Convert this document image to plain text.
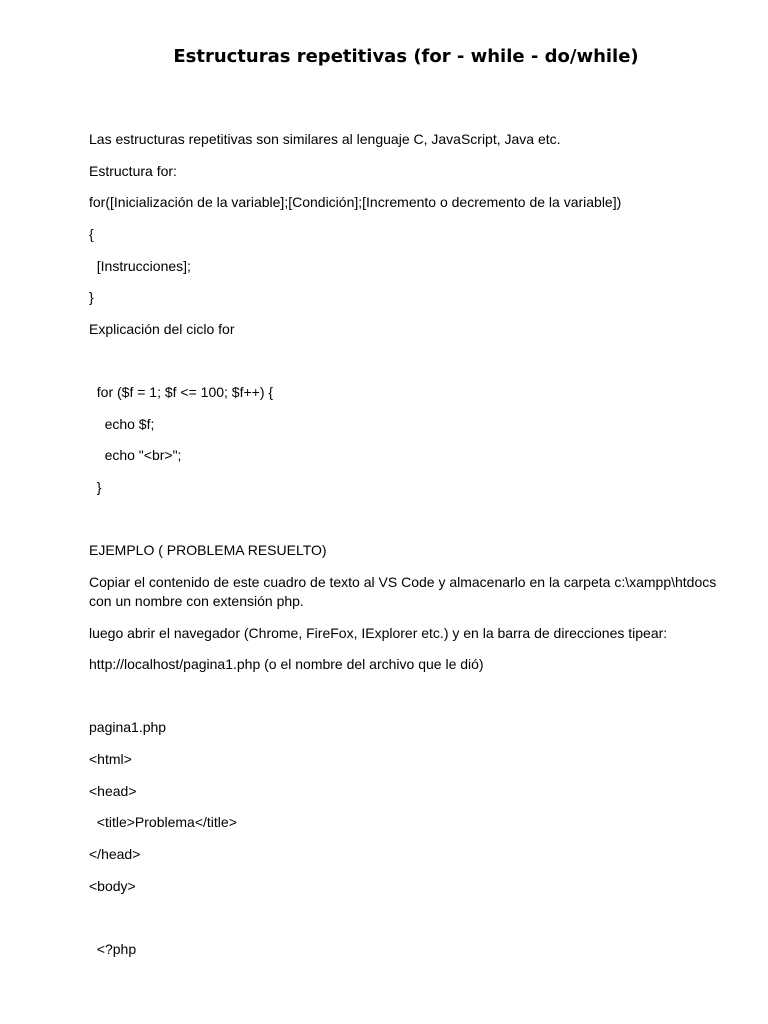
Estructuras repetitivas (for - while - do/while)

Las estructuras repetitivas son similares al lenguaje C, JavaScript, Java etc.

Estructura for:

for([Inicialización de la variable];[Condición];[Incremento o decremento de la variable])

{

[Instrucciones];

}

Explicación del ciclo for

for ($f = 1; $f <= 100; $f++) {

echo $f;

echo "<br>";

}

EJEMPLO ( PROBLEMA RESUELTO)

Copiar el contenido de este cuadro de texto al VS Code y almacenarlo en la carpeta c:\xampp\htdocs con un nombre con extensión php.

luego abrir el navegador (Chrome, FireFox, IExplorer etc.) y en la barra de direcciones tipear:

http://localhost/pagina1.php (o el nombre del archivo que le dió)

pagina1.php

<html>

<head>

<title>Problema</title>

</head>

<body>

<?php
